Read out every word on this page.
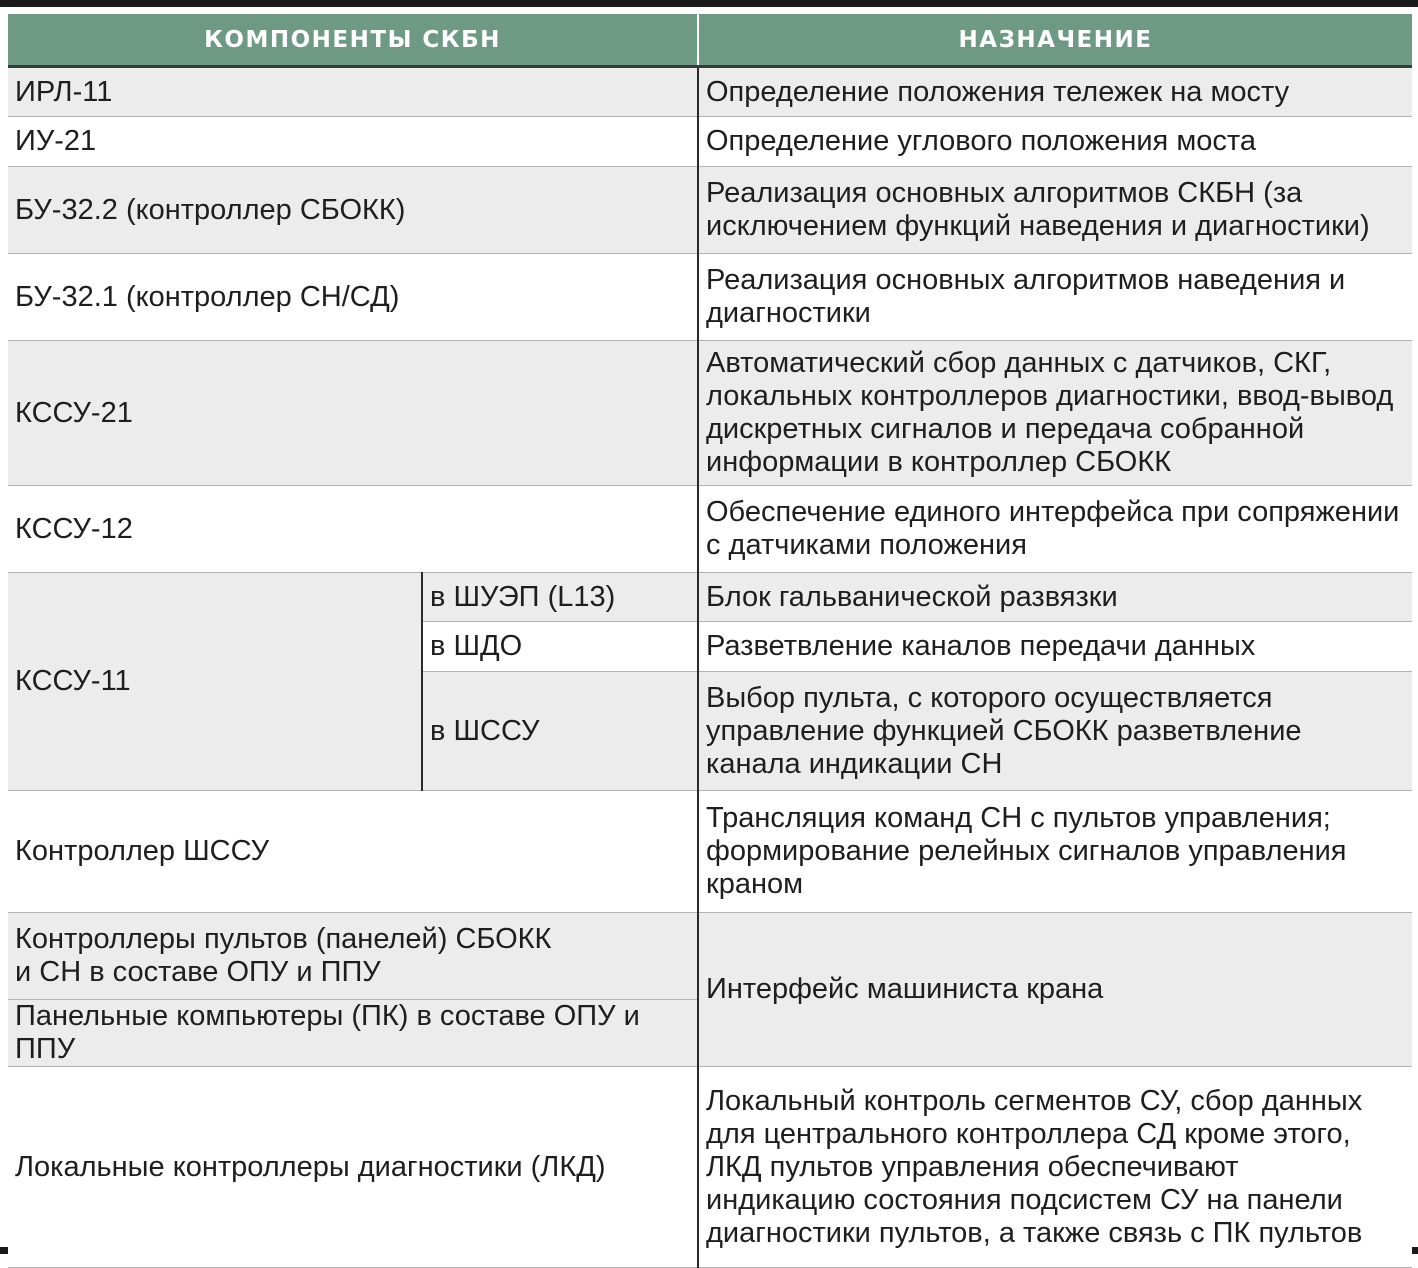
КОМПОНЕНТЫ СКБН		НАЗНАЧЕНИЕ
ИРЛ-11		Определение положения тележек на мосту

ИУ-21		Определение углового положения моста

БУ-32.2 (контроллер СБОКК)		Реализация основных алгоритмов СКБН (за
исключением функций наведения и диагностики)

БУ-32.1 (контроллер СН/СД)		Реализация основных алгоритмов наведения и
диагностики

КССУ-21		Автоматический сбор данных с датчиков, СКГ,
локальных контроллеров диагностики, ввод-вывод
дискретных сигналов и передача собранной
информации в контроллер СБОКК

КССУ-12		Обеспечение единого интерфейса при сопряжении
с датчиками положения

КССУ-11	в ШУЭП (L13)	Блок гальванической развязки

	в ШДО	Разветвление каналов передачи данных

	в ШССУ	Выбор пульта, с которого осуществляется
управление функцией СБОКК разветвление
канала индикации СН

Контроллер ШССУ		Трансляция команд СН с пультов управления;
формирование релейных сигналов управления
краном

Контроллеры пультов (панелей) СБОКК
и СН в составе ОПУ и ППУ		Интерфейс машиниста крана
Панельные компьютеры (ПК) в составе ОПУ и ППУ		
Локальные контроллеры диагностики (ЛКД)		Локальный контроль сегментов СУ, сбор данных
для центрального контроллера СД кроме этого,
ЛКД пультов управления обеспечивают
индикацию состояния подсистем СУ на панели
диагностики пультов, а также связь с ПК пультов
